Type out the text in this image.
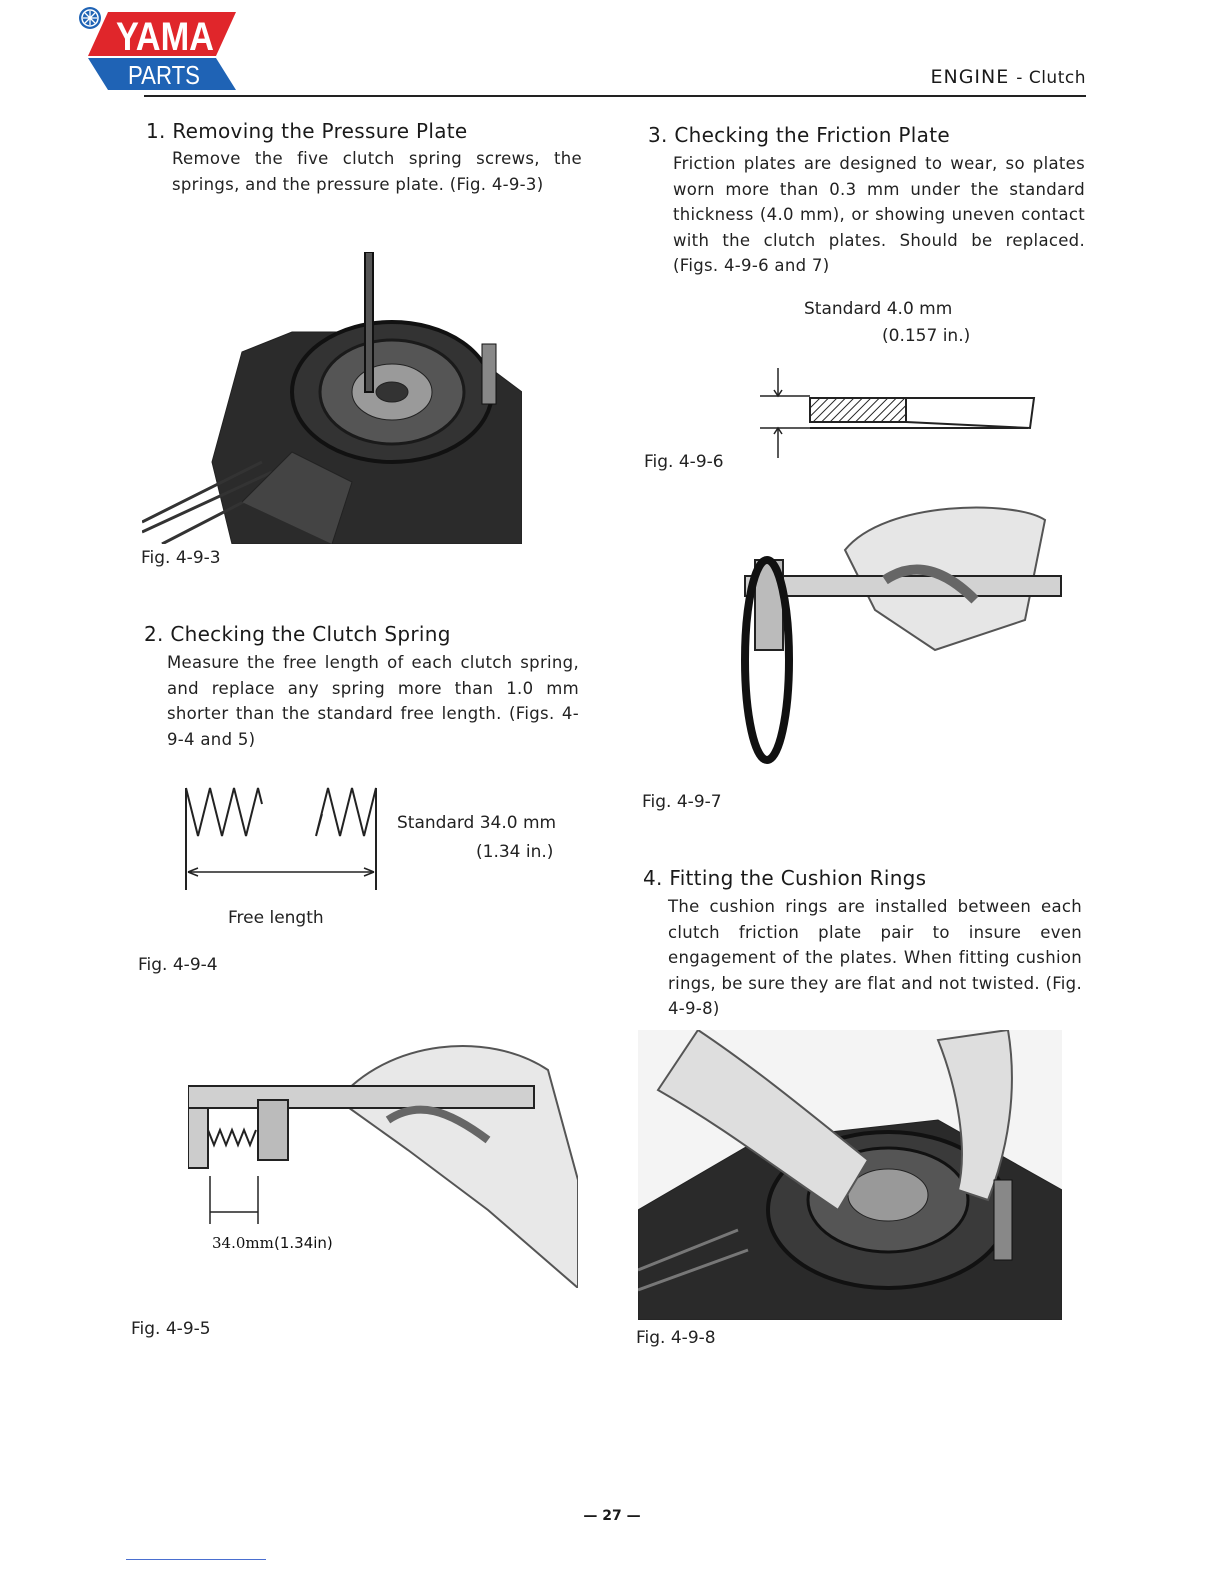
YAMA
PARTS	ENGINE - Clutch
1. Removing the Pressure Plate
Remove the five clutch spring screws, the springs, and the pressure plate. (Fig. 4-9-3)
Fig. 4-9-3
2. Checking the Clutch Spring
Measure the free length of each clutch spring, and replace any spring more than 1.0 mm shorter than the standard free length. (Figs. 4-9-4 and 5)
Standard 34.0 mm
(1.34 in.)
Free length
Fig. 4-9-4
34.0mm (1.34in)
Fig. 4-9-5
3. Checking the Friction Plate
Friction plates are designed to wear, so plates worn more than 0.3 mm under the standard thickness (4.0 mm), or showing uneven contact with the clutch plates. Should be replaced. (Figs. 4-9-6 and 7)
Standard 4.0 mm
(0.157 in.)
Fig. 4-9-6
Fig. 4-9-7
4. Fitting the Cushion Rings
The cushion rings are installed between each clutch friction plate pair to insure even engagement of the plates. When fitting cushion rings, be sure they are flat and not twisted. (Fig. 4-9-8)
Fig. 4-9-8
— 27 —
